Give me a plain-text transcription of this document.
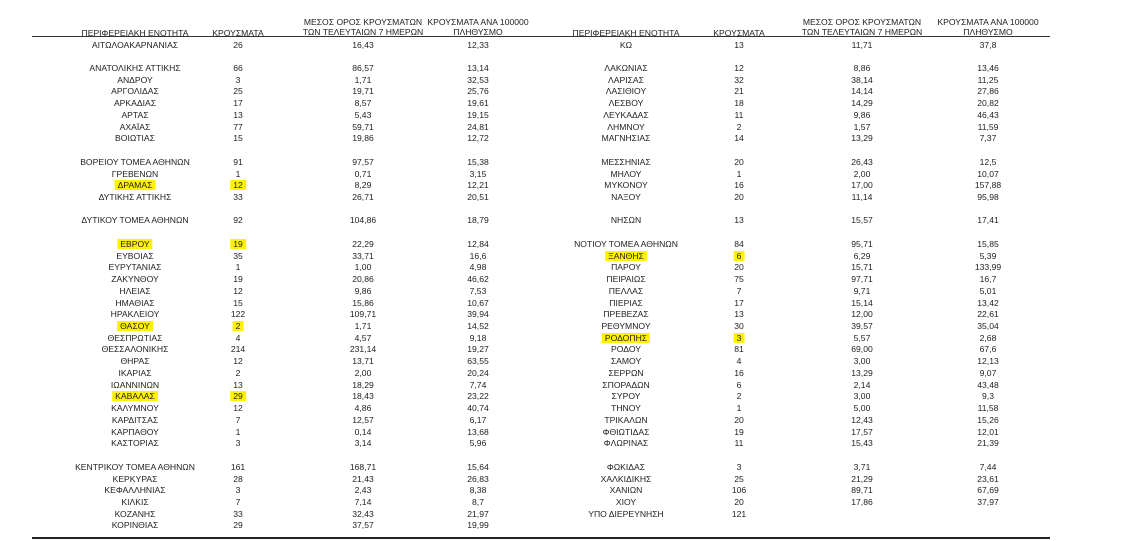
ΠΕΡΙΦΕΡΕΙΑΚΗ ΕΝΟΤΗΤΑ	ΚΡΟΥΣΜΑΤΑ
ΜΕΣΟΣ ΟΡΟΣ ΚΡΟΥΣΜΑΤΩΝ
ΤΩΝ ΤΕΛΕΥΤΑΙΩΝ 7 ΗΜΕΡΩΝ
ΚΡΟΥΣΜΑΤΑ ΑΝΑ 100000
ΠΛΗΘΥΣΜΟ	ΠΕΡΙΦΕΡΕΙΑΚΗ ΕΝΟΤΗΤΑ	ΚΡΟΥΣΜΑΤΑ
ΜΕΣΟΣ ΟΡΟΣ ΚΡΟΥΣΜΑΤΩΝ
ΤΩΝ ΤΕΛΕΥΤΑΙΩΝ 7 ΗΜΕΡΩΝ
ΚΡΟΥΣΜΑΤΑ ΑΝΑ 100000
ΠΛΗΘΥΣΜΟ
ΑΙΤΩΛΟΑΚΑΡΝΑΝΙΑΣ	26	16,43	12,33
ΑΝΑΤΟΛΙΚΗΣ ΑΤΤΙΚΗΣ	66	86,57	13,14
ΑΝΔΡΟΥ	3	1,71	32,53
ΑΡΓΟΛΙΔΑΣ	25	19,71	25,76
ΑΡΚΑΔΙΑΣ	17	8,57	19,61
ΑΡΤΑΣ	13	5,43	19,15
ΑΧΑΪΑΣ	77	59,71	24,81
ΒΟΙΩΤΙΑΣ	15	19,86	12,72
ΒΟΡΕΙΟΥ ΤΟΜΕΑ ΑΘΗΝΩΝ	91	97,57	15,38
ΓΡΕΒΕΝΩΝ	1	0,71	3,15
ΔΡΑΜΑΣ	12	8,29	12,21
ΔΥΤΙΚΗΣ ΑΤΤΙΚΗΣ	33	26,71	20,51
ΔΥΤΙΚΟΥ ΤΟΜΕΑ ΑΘΗΝΩΝ	92	104,86	18,79
ΕΒΡΟΥ	19	22,29	12,84
ΕΥΒΟΙΑΣ	35	33,71	16,6
ΕΥΡΥΤΑΝΙΑΣ	1	1,00	4,98
ΖΑΚΥΝΘΟΥ	19	20,86	46,62
ΗΛΕΙΑΣ	12	9,86	7,53
ΗΜΑΘΙΑΣ	15	15,86	10,67
ΗΡΑΚΛΕΙΟΥ	122	109,71	39,94
ΘΑΣΟΥ	2	1,71	14,52
ΘΕΣΠΡΩΤΙΑΣ	4	4,57	9,18
ΘΕΣΣΑΛΟΝΙΚΗΣ	214	231,14	19,27
ΘΗΡΑΣ	12	13,71	63,55
ΙΚΑΡΙΑΣ	2	2,00	20,24
ΙΩΑΝΝΙΝΩΝ	13	18,29	7,74
ΚΑΒΑΛΑΣ	29	18,43	23,22
ΚΑΛΥΜΝΟΥ	12	4,86	40,74
ΚΑΡΔΙΤΣΑΣ	7	12,57	6,17
ΚΑΡΠΑΘΟΥ	1	0,14	13,68
ΚΑΣΤΟΡΙΑΣ	3	3,14	5,96
ΚΕΝΤΡΙΚΟΥ ΤΟΜΕΑ ΑΘΗΝΩΝ	161	168,71	15,64
ΚΕΡΚΥΡΑΣ	28	21,43	26,83
ΚΕΦΑΛΛΗΝΙΑΣ	3	2,43	8,38
ΚΙΛΚΙΣ	7	7,14	8,7
ΚΟΖΑΝΗΣ	33	32,43	21,97
ΚΟΡΙΝΘΙΑΣ	29	37,57	19,99
ΚΩ	13	11,71	37,8
ΛΑΚΩΝΙΑΣ	12	8,86	13,46
ΛΑΡΙΣΑΣ	32	38,14	11,25
ΛΑΣΙΘΙΟΥ	21	14,14	27,86
ΛΕΣΒΟΥ	18	14,29	20,82
ΛΕΥΚΑΔΑΣ	11	9,86	46,43
ΛΗΜΝΟΥ	2	1,57	11,59
ΜΑΓΝΗΣΙΑΣ	14	13,29	7,37
ΜΕΣΣΗΝΙΑΣ	20	26,43	12,5
ΜΗΛΟΥ	1	2,00	10,07
ΜΥΚΟΝΟΥ	16	17,00	157,88
ΝΑΞΟΥ	20	11,14	95,98
ΝΗΣΩΝ	13	15,57	17,41
ΝΟΤΙΟΥ ΤΟΜΕΑ ΑΘΗΝΩΝ	84	95,71	15,85
ΞΑΝΘΗΣ	6	6,29	5,39
ΠΑΡΟΥ	20	15,71	133,99
ΠΕΙΡΑΙΩΣ	75	97,71	16,7
ΠΕΛΛΑΣ	7	9,71	5,01
ΠΙΕΡΙΑΣ	17	15,14	13,42
ΠΡΕΒΕΖΑΣ	13	12,00	22,61
ΡΕΘΥΜΝΟΥ	30	39,57	35,04
ΡΟΔΟΠΗΣ	3	5,57	2,68
ΡΟΔΟΥ	81	69,00	67,6
ΣΑΜΟΥ	4	3,00	12,13
ΣΕΡΡΩΝ	16	13,29	9,07
ΣΠΟΡΑΔΩΝ	6	2,14	43,48
ΣΥΡΟΥ	2	3,00	9,3
ΤΗΝΟΥ	1	5,00	11,58
ΤΡΙΚΑΛΩΝ	20	12,43	15,26
ΦΘΙΩΤΙΔΑΣ	19	17,57	12,01
ΦΛΩΡΙΝΑΣ	11	15,43	21,39
ΦΩΚΙΔΑΣ	3	3,71	7,44
ΧΑΛΚΙΔΙΚΗΣ	25	21,29	23,61
ΧΑΝΙΩΝ	106	89,71	67,69
ΧΙΟΥ	20	17,86	37,97
ΥΠΟ ΔΙΕΡΕΥΝΗΣΗ	121
